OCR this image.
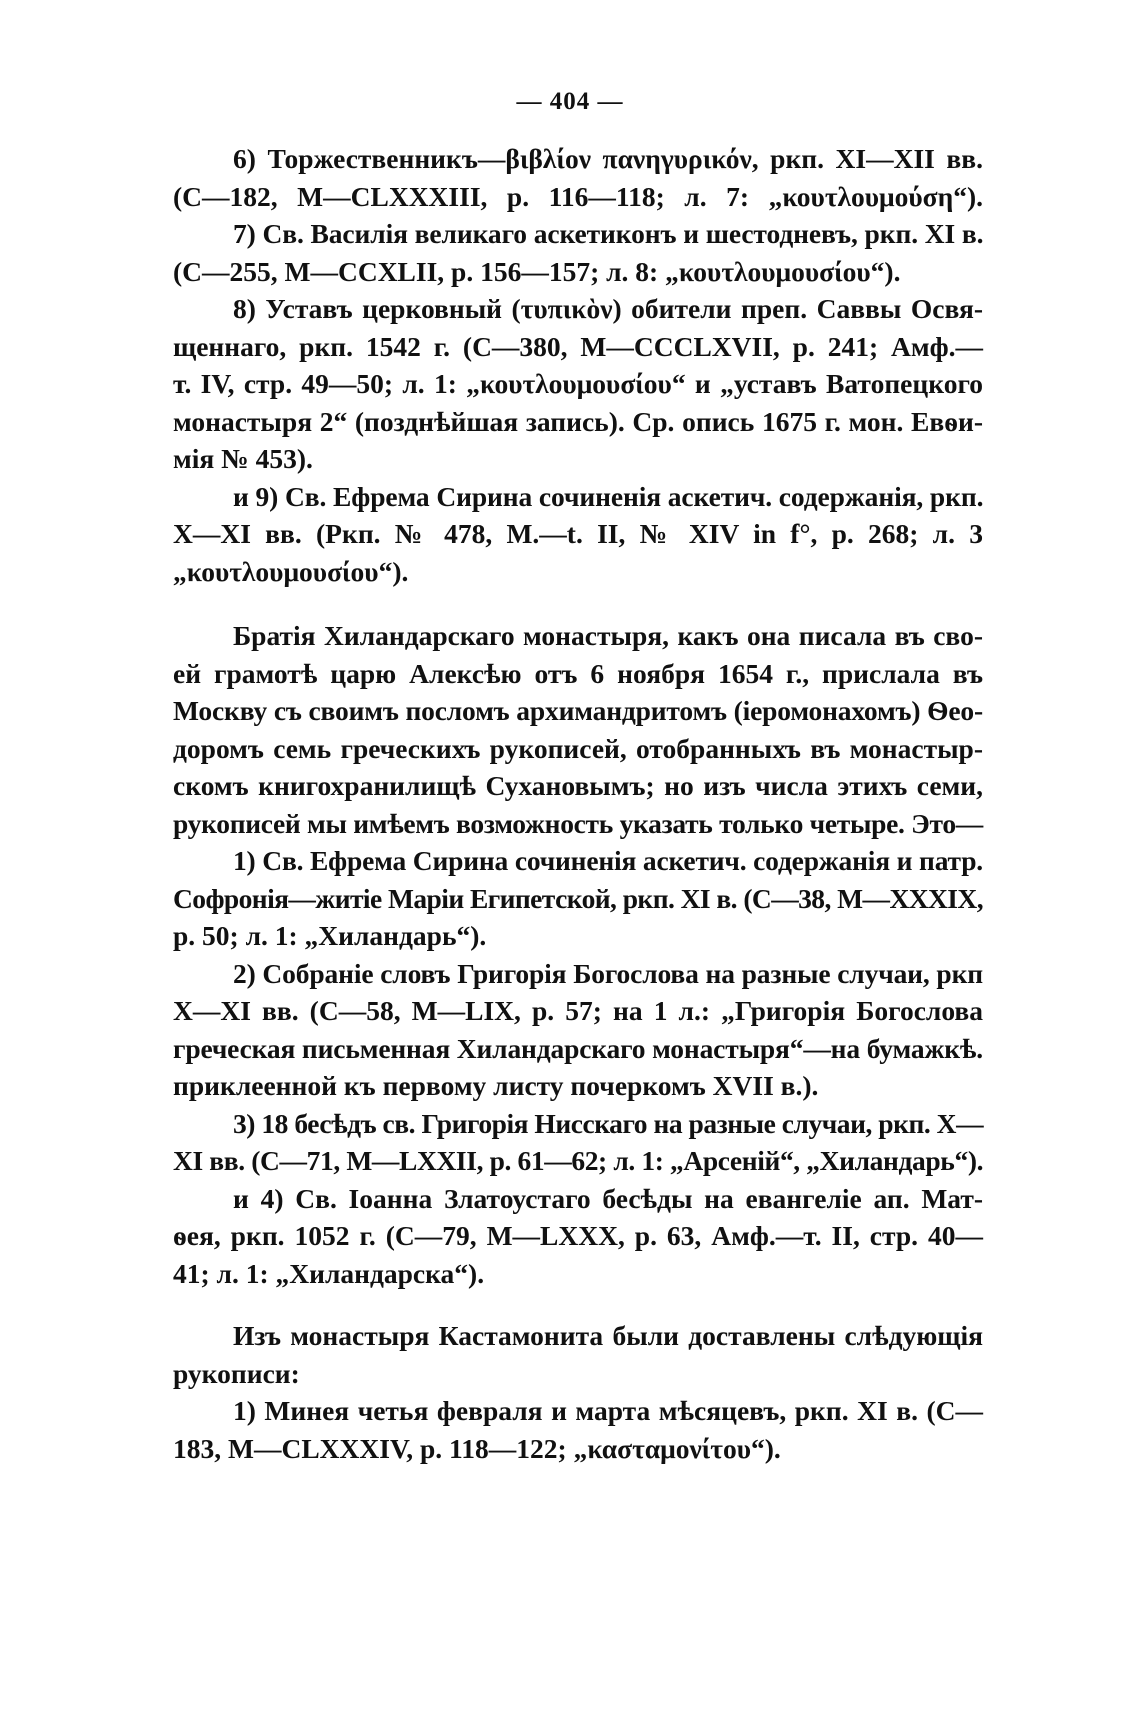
— 404 —
6) Торжественникъ—βιβλίον πανηγυρικόν, ркп. XI—XII вв.
(С—182, М—CLXXXIII, р. 116—118; л. 7: „κουτλουμούση“).
7) Св. Василія великаго аскетиконъ и шестодневъ, ркп. XI в.
(С—255, М—CCXLII, р. 156—157; л. 8: „κουτλουμουσίου“).
8) Уставъ церковный (τυπικὸν) обители преп. Саввы Освя-
щеннаго, ркп. 1542 г. (С—380, М—CCCLXVII, р. 241; Амф.—
т. IV, стр. 49—50; л. 1: „κουτλουμουσίου“ и „уставъ Ватопецкого
монастыря 2“ (позднѣйшая запись). Ср. опись 1675 г. мон. Евѳи-
мія № 453).
и 9) Св. Ефрема Сирина сочиненія аскетич. содержанія, ркп.
X—XI вв. (Ркп. № 478, М.—t. II, № XIV in f°, р. 268; л. 3
„κουτλουμουσίου“).
Братія Хиландарскаго монастыря, какъ она писала въ сво-
ей грамотѣ царю Алексѣю отъ 6 ноября 1654 г., прислала въ
Москву съ своимъ посломъ архимандритомъ (іеромонахомъ) Ѳео-
доромъ семь греческихъ рукописей, отобранныхъ въ монастыр-
скомъ книгохранилищѣ Сухановымъ; но изъ числа этихъ семи,
рукописей мы имѣемъ возможность указать только четыре. Это—
1) Св. Ефрема Сирина сочиненія аскетич. содержанія и патр.
Софронія—житіе Маріи Египетской, ркп. XI в. (С—38, М—XXXIX,
р. 50; л. 1: „Хиландарь“).
2) Собраніе словъ Григорія Богослова на разные случаи, ркп
X—XI вв. (С—58, М—LIX, р. 57; на 1 л.: „Григорія Богослова
греческая письменная Хиландарскаго монастыря“—на бумажкѣ.
приклеенной къ первому листу почеркомъ XVII в.).
3) 18 бесѣдъ св. Григорія Нисскаго на разные случаи, ркп. X—
XI вв. (С—71, М—LXXII, р. 61—62; л. 1: „Арсеній“, „Хиландарь“).
и 4) Св. Іоанна Златоустаго бесѣды на евангеліе ап. Мат-
ѳея, ркп. 1052 г. (С—79, М—LXXX, р. 63, Амф.—т. II, стр. 40—
41; л. 1: „Хиландарска“).
Изъ монастыря Кастамонита были доставлены слѣдующія
рукописи:
1) Минея четья февраля и марта мѣсяцевъ, ркп. XI в. (С—
183, М—CLXXXIV, р. 118—122; „κασταμονίτου“).
